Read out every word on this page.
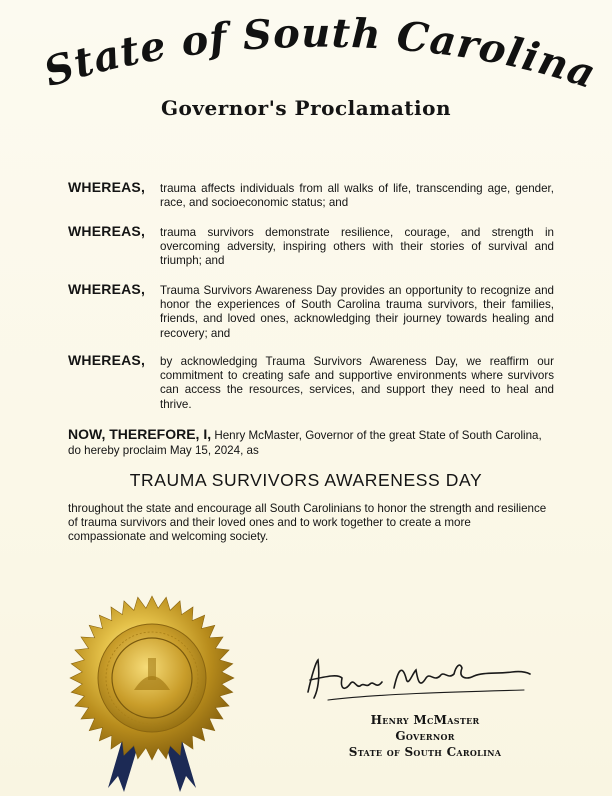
State of South Carolina
Governor's Proclamation
WHEREAS, trauma affects individuals from all walks of life, transcending age, gender, race, and socioeconomic status; and
WHEREAS, trauma survivors demonstrate resilience, courage, and strength in overcoming adversity, inspiring others with their stories of survival and triumph; and
WHEREAS, Trauma Survivors Awareness Day provides an opportunity to recognize and honor the experiences of South Carolina trauma survivors, their families, friends, and loved ones, acknowledging their journey towards healing and recovery; and
WHEREAS, by acknowledging Trauma Survivors Awareness Day, we reaffirm our commitment to creating safe and supportive environments where survivors can access the resources, services, and support they need to heal and thrive.
NOW, THEREFORE, I, Henry McMaster, Governor of the great State of South Carolina, do hereby proclaim May 15, 2024, as
TRAUMA SURVIVORS AWARENESS DAY
throughout the state and encourage all South Carolinians to honor the strength and resilience of trauma survivors and their loved ones and to work together to create a more compassionate and welcoming society.
Henry McMaster
Governor
State of South Carolina
